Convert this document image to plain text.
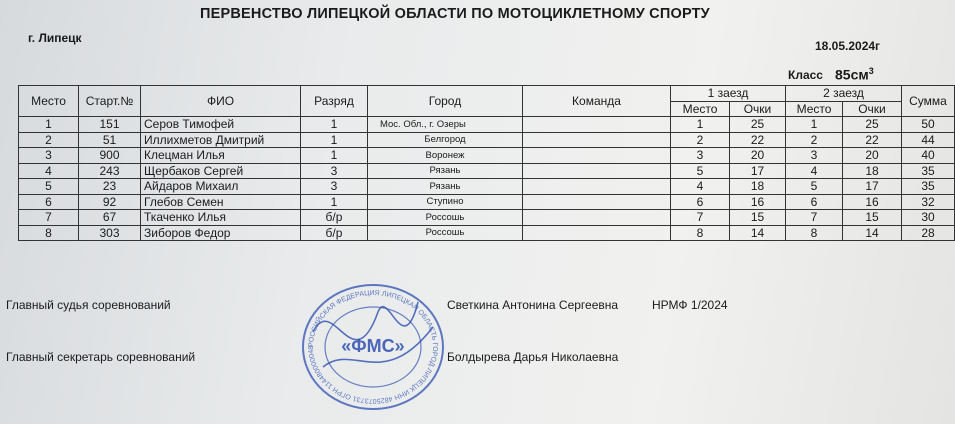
ПЕРВЕНСТВО ЛИПЕЦКОЙ ОБЛАСТИ ПО МОТОЦИКЛЕТНОМУ СПОРТУ
г. Липецк
18.05.2024г
Класс $85см^3$
Место	Старт.№	ФИО	Разряд	Город	Команда	1 заезд		2 заезд		Сумма
						Место	Очки	Место	Очки	
1	151	Серов Тимофей	1	Мос. Обл., г. Озеры		1	25	1	25	50
2	51	Иллихметов Дмитрий	1	Белгород		2	22	2	22	44
3	900	Клецман Илья	1	Воронеж		3	20	3	20	40
4	243	Щербаков Сергей	3	Рязань		5	17	4	18	35
5	23	Айдаров Михаил	3	Рязань		4	18	5	17	35
6	92	Глебов Семен	1	Ступино		6	16	6	16	32
7	67	Ткаченко Илья	б/р	Россошь		7	15	7	15	30
8	303	Зиборов Федор	б/р	Россошь		8	14	8	14	28
Главный судья соревнований	Светкина Антонина Сергеевна	НРМФ 1/2024
Главный секретарь соревнований	Болдырева Дарья Николаевна
РОССИЙСКАЯ ФЕДЕРАЦИЯ ЛИПЕЦКАЯ ОБЛАСТЬ ГОРОД ЛИПЕЦК ИНН 4825073731 ОГРН 114480000048	«ФМС»
